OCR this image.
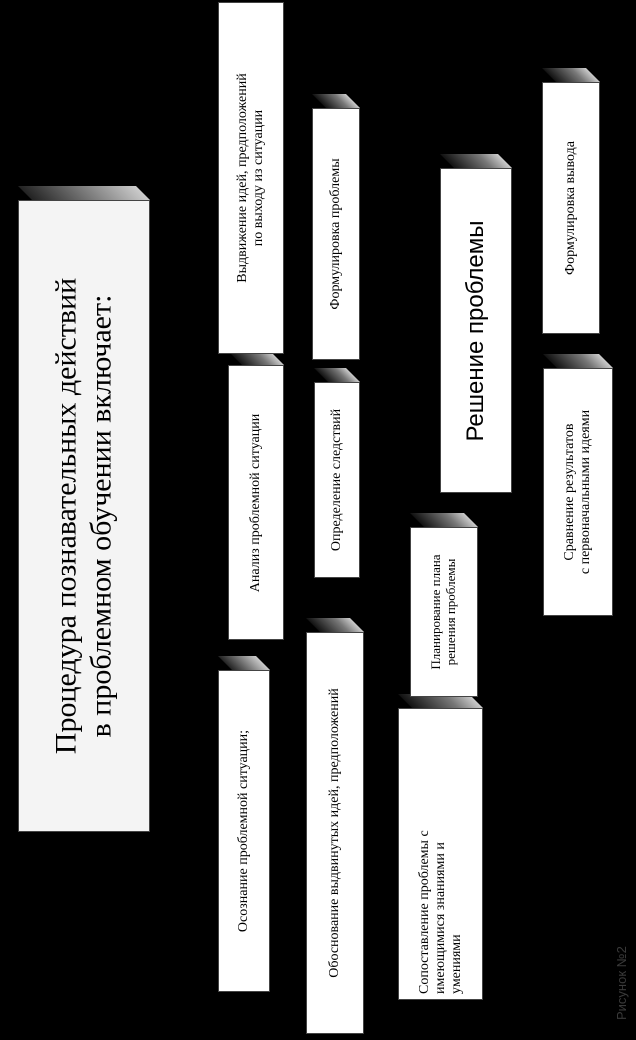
Процедура познавательных действий
в проблемном обучении включает:
Выдвижение идей, предположений
по выходу из ситуации
Анализ проблемной ситуации
Осознание проблемной ситуации;
Формулировка проблемы
Определение следствий
Обоснование выдвинутых идей, предположений
Планирование плана
решения проблемы
Сопоставление проблемы с
имеющимися знаниями и
умениями
Решение проблемы
Сравнение результатов
с первоначальными идеями
Формулировка вывода
Рисунок №2
